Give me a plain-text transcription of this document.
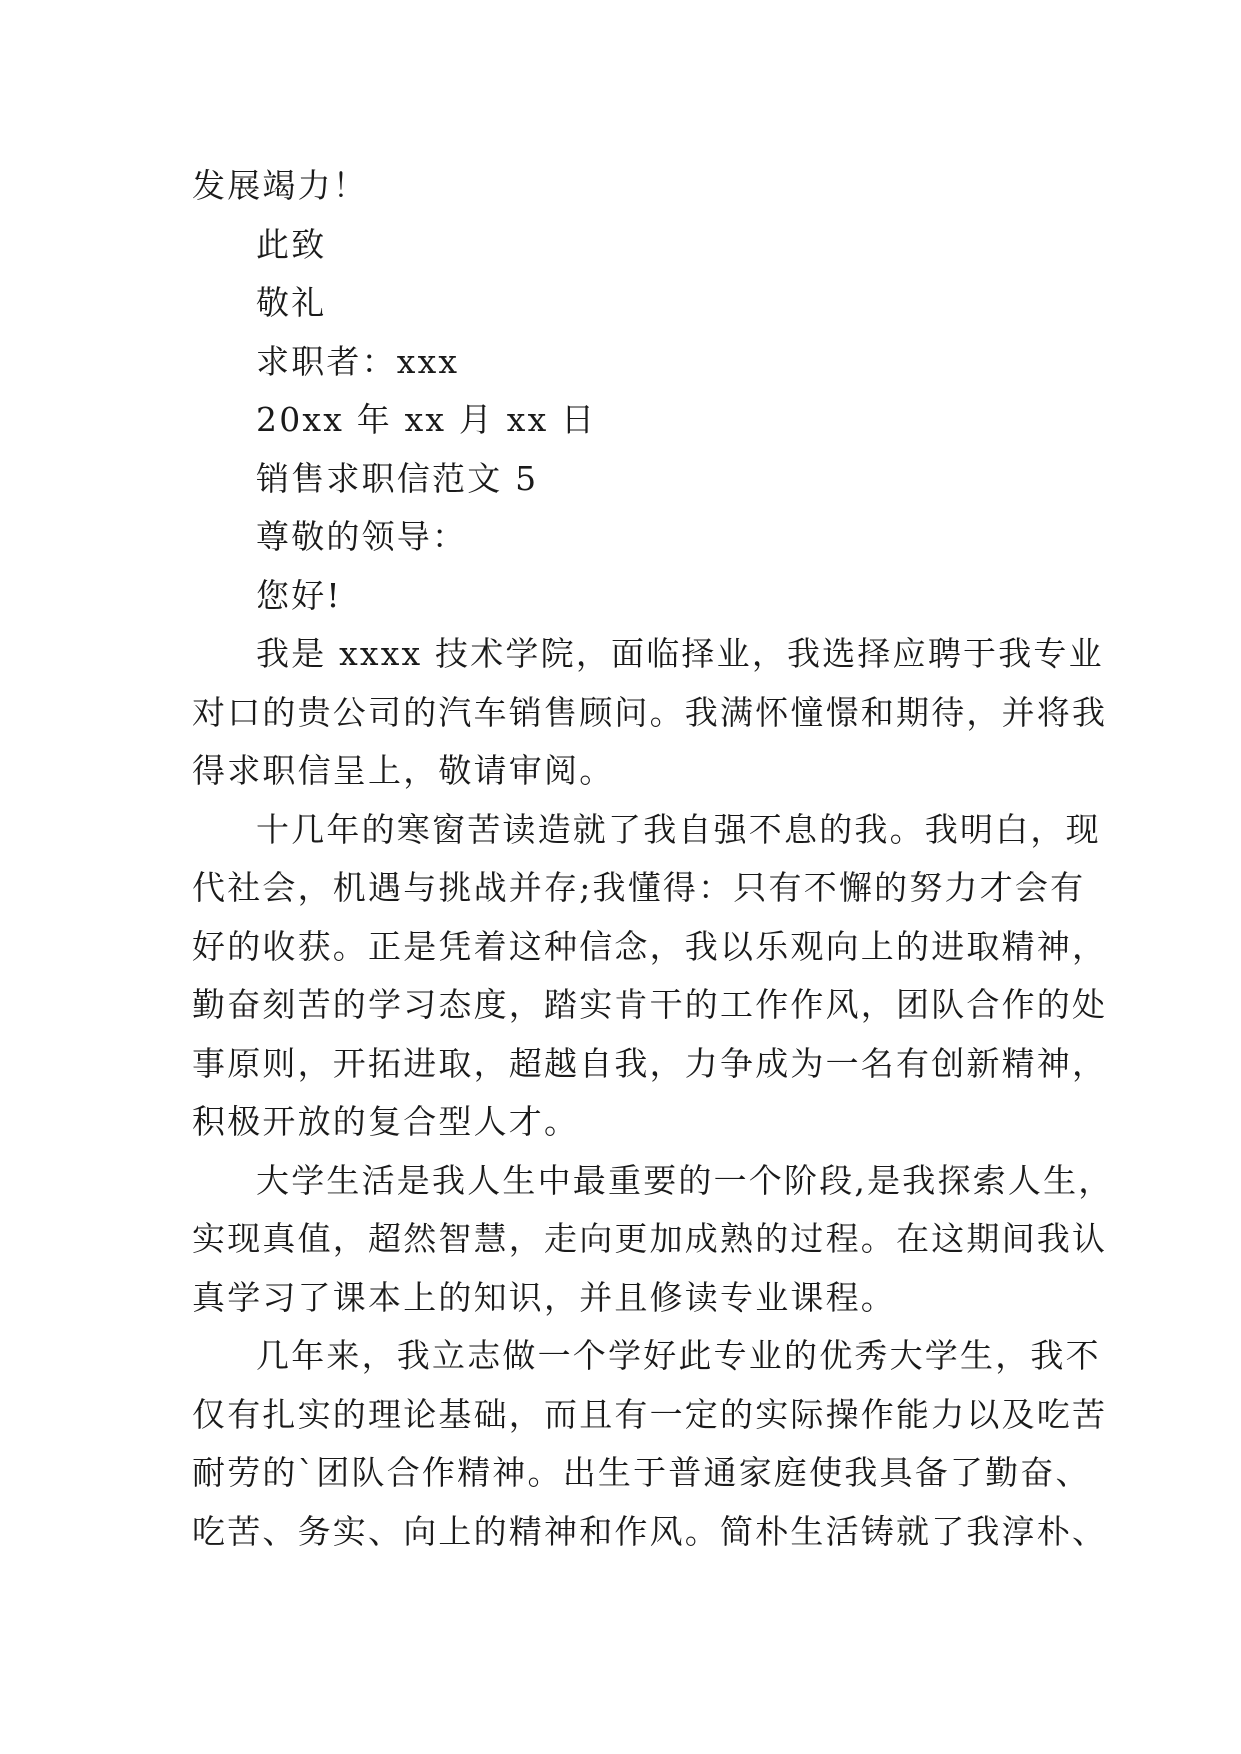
发展竭力！
此致
敬礼
求职者：xxx
20xx 年 xx 月 xx 日
销售求职信范文 5
尊敬的领导：
您好!
我是 xxxx 技术学院，面临择业，我选择应聘于我专业
对口的贵公司的汽车销售顾问。我满怀憧憬和期待，并将我
得求职信呈上，敬请审阅。
十几年的寒窗苦读造就了我自强不息的我。我明白，现
代社会，机遇与挑战并存;我懂得：只有不懈的努力才会有
好的收获。正是凭着这种信念，我以乐观向上的进取精神，
勤奋刻苦的学习态度，踏实肯干的工作作风，团队合作的处
事原则，开拓进取，超越自我，力争成为一名有创新精神，
积极开放的复合型人才。
大学生活是我人生中最重要的一个阶段,是我探索人生，
实现真值，超然智慧，走向更加成熟的过程。在这期间我认
真学习了课本上的知识，并且修读专业课程。
几年来，我立志做一个学好此专业的优秀大学生，我不
仅有扎实的理论基础，而且有一定的实际操作能力以及吃苦
耐劳的`团队合作精神。出生于普通家庭使我具备了勤奋、
吃苦、务实、向上的精神和作风。简朴生活铸就了我淳朴、
